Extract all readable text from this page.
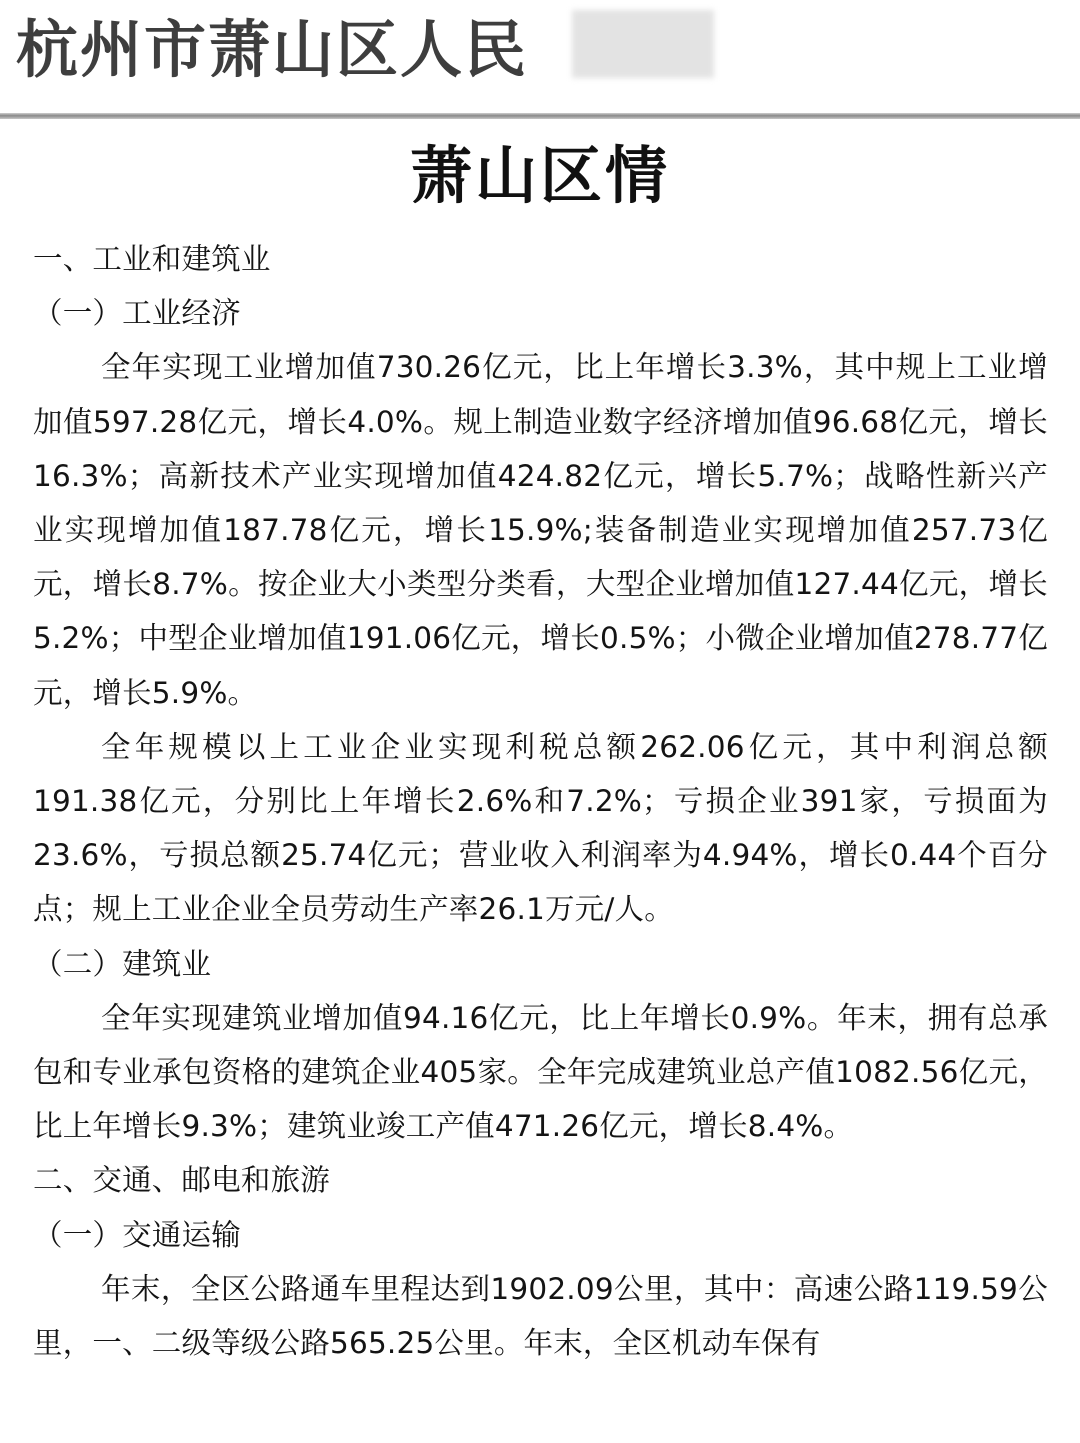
杭州市萧山区人民
萧山区情

一、工业和建筑业

（一）工业经济

全年实现工业增加值730.26亿元，比上年增长3.3%，其中规上工业增加值597.28亿元，增长4.0%。规上制造业数字经济增加值96.68亿元，增长16.3%；高新技术产业实现增加值424.82亿元，增长5.7%；战略性新兴产业实现增加值187.78亿元，增长15.9%;装备制造业实现增加值257.73亿元，增长8.7%。按企业大小类型分类看，大型企业增加值127.44亿元，增长5.2%；中型企业增加值191.06亿元，增长0.5%；小微企业增加值278.77亿元，增长5.9%。

全年规模以上工业企业实现利税总额262.06亿元，其中利润总额191.38亿元，分别比上年增长2.6%和7.2%；亏损企业391家，亏损面为23.6%，亏损总额25.74亿元；营业收入利润率为4.94%，增长0.44个百分点；规上工业企业全员劳动生产率26.1万元/人。

（二）建筑业

全年实现建筑业增加值94.16亿元，比上年增长0.9%。年末，拥有总承包和专业承包资格的建筑企业405家。全年完成建筑业总产值1082.56亿元，比上年增长9.3%；建筑业竣工产值471.26亿元，增长8.4%。

二、交通、邮电和旅游

（一）交通运输

年末，全区公路通车里程达到1902.09公里，其中：高速公路119.59公里，一、二级等级公路565.25公里。年末，全区机动车保有
